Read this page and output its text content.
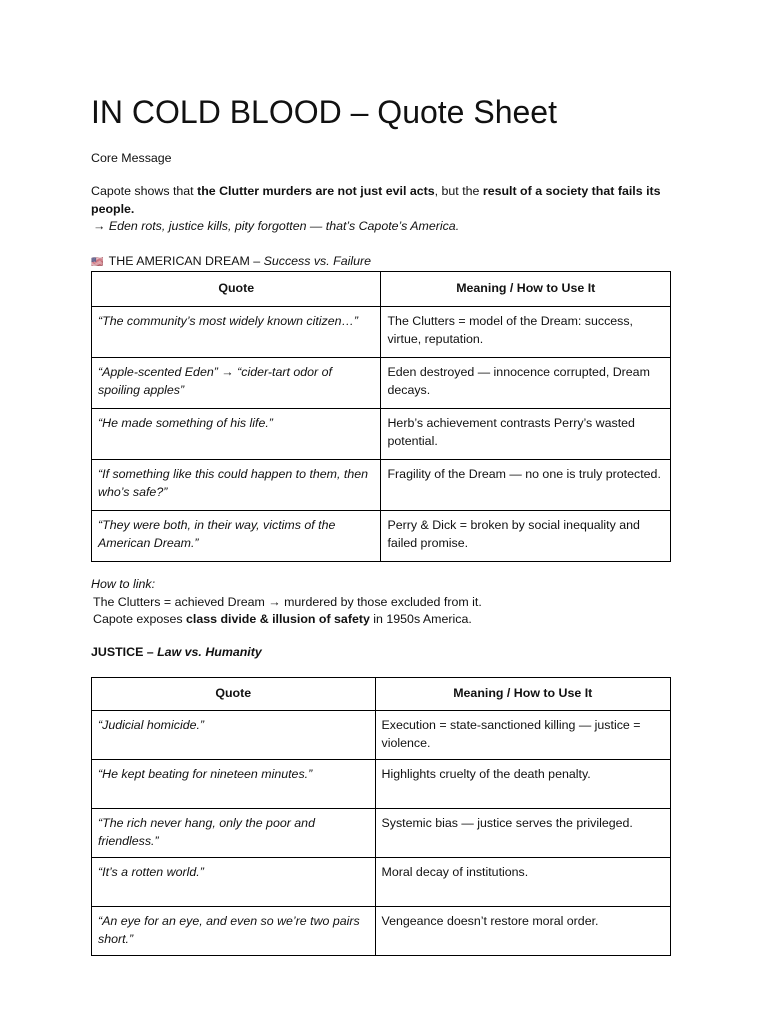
IN COLD BLOOD – Quote Sheet
Core Message
Capote shows that the Clutter murders are not just evil acts, but the result of a society that fails its people.
→ Eden rots, justice kills, pity forgotten — that’s Capote’s America.
🇺🇸 THE AMERICAN DREAM – Success vs. Failure
Quote	Meaning / How to Use It
“The community’s most widely known citizen…”	The Clutters = model of the Dream: success, virtue, reputation.
“Apple-scented Eden” → “cider-tart odor of spoiling apples”	Eden destroyed — innocence corrupted, Dream decays.
“He made something of his life.”	Herb’s achievement contrasts Perry’s wasted potential.
“If something like this could happen to them, then who’s safe?”	Fragility of the Dream — no one is truly protected.
“They were both, in their way, victims of the American Dream.”	Perry & Dick = broken by social inequality and failed promise.
How to link:
The Clutters = achieved Dream → murdered by those excluded from it.
Capote exposes class divide & illusion of safety in 1950s America.
JUSTICE – Law vs. Humanity
Quote	Meaning / How to Use It
“Judicial homicide.”	Execution = state-sanctioned killing — justice = violence.
“He kept beating for nineteen minutes.”	Highlights cruelty of the death penalty.
“The rich never hang, only the poor and friendless.”	Systemic bias — justice serves the privileged.
“It’s a rotten world.”	Moral decay of institutions.
“An eye for an eye, and even so we’re two pairs short.”	Vengeance doesn’t restore moral order.
